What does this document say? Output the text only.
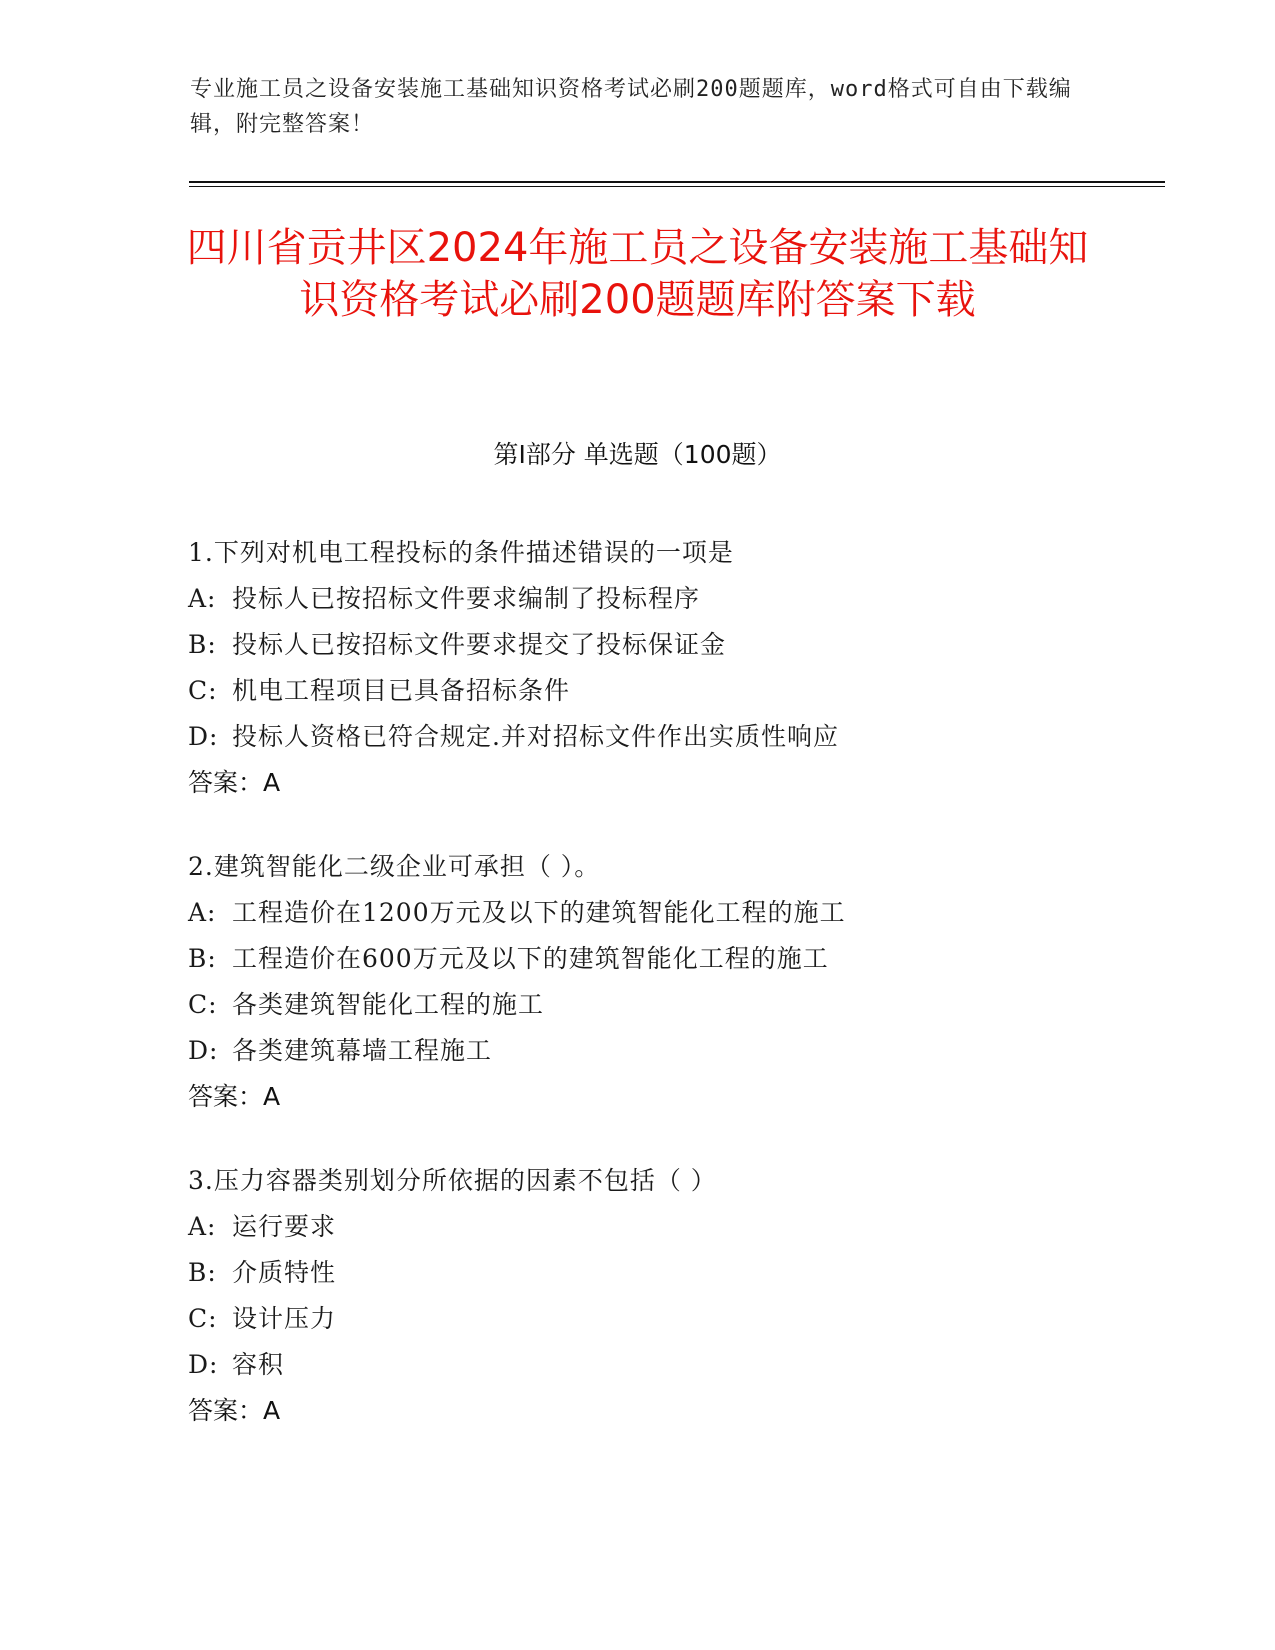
专业施工员之设备安装施工基础知识资格考试必刷200题题库，word格式可自由下载编辑，附完整答案！
四川省贡井区2024年施工员之设备安装施工基础知识资格考试必刷200题题库附答案下载
第Ⅰ部分 单选题（100题）
1.下列对机电工程投标的条件描述错误的一项是
A: 投标人已按招标文件要求编制了投标程序
B: 投标人已按招标文件要求提交了投标保证金
C: 机电工程项目已具备招标条件
D: 投标人资格已符合规定.并对招标文件作出实质性响应
答案：A
2.建筑智能化二级企业可承担（ ）。
A: 工程造价在1200万元及以下的建筑智能化工程的施工
B: 工程造价在600万元及以下的建筑智能化工程的施工
C: 各类建筑智能化工程的施工
D: 各类建筑幕墙工程施工
答案：A
3.压力容器类别划分所依据的因素不包括（ ）
A: 运行要求
B: 介质特性
C: 设计压力
D: 容积
答案：A
